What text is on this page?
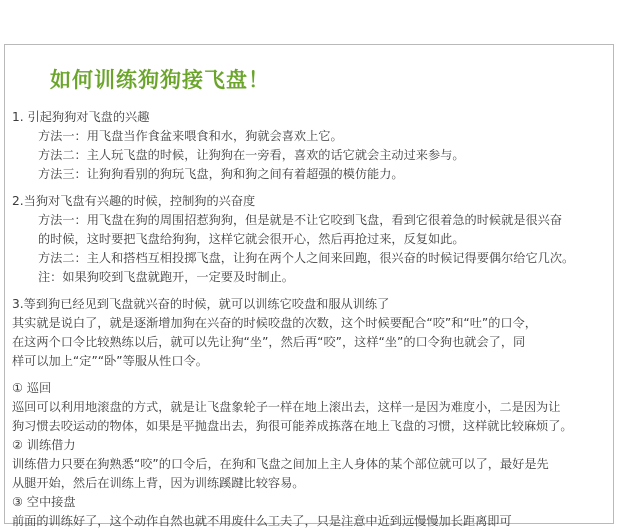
如何训练狗狗接飞盘！
1. 引起狗狗对飞盘的兴趣
方法一：用飞盘当作食盆来喂食和水，狗就会喜欢上它。
方法二：主人玩飞盘的时候，让狗狗在一旁看，喜欢的话它就会主动过来参与。
方法三：让狗狗看别的狗玩飞盘，狗和狗之间有着超强的模仿能力。
2.当狗对飞盘有兴趣的时候，控制狗的兴奋度
方法一：用飞盘在狗的周围招惹狗狗，但是就是不让它咬到飞盘，看到它很着急的时候就是很兴奋
的时候，这时要把飞盘给狗狗，这样它就会很开心，然后再抢过来，反复如此。
方法二：主人和搭档互相投掷飞盘，让狗在两个人之间来回跑，很兴奋的时候记得要偶尔给它几次。
注：如果狗咬到飞盘就跑开，一定要及时制止。
3.等到狗已经见到飞盘就兴奋的时候，就可以训练它咬盘和服从训练了
其实就是说白了，就是逐渐增加狗在兴奋的时候咬盘的次数，这个时候要配合“咬”和“吐”的口令，
在这两个口令比较熟练以后，就可以先让狗“坐”，然后再“咬”，这样“坐”的口令狗也就会了，同
样可以加上“定”“卧”等服从性口令。
① 巡回
巡回可以利用地滚盘的方式，就是让飞盘象轮子一样在地上滚出去，这样一是因为难度小，二是因为让
狗习惯去咬运动的物体，如果是平抛盘出去，狗很可能养成拣落在地上飞盘的习惯，这样就比较麻烦了。
② 训练借力
训练借力只要在狗熟悉“咬”的口令后，在狗和飞盘之间加上主人身体的某个部位就可以了，最好是先
从腿开始，然后在训练上背，因为训练蹊踺比较容易。
③ 空中接盘
前面的训练好了，这个动作自然也就不用废什么工夫了，只是注意中近到远慢慢加长距离即可
